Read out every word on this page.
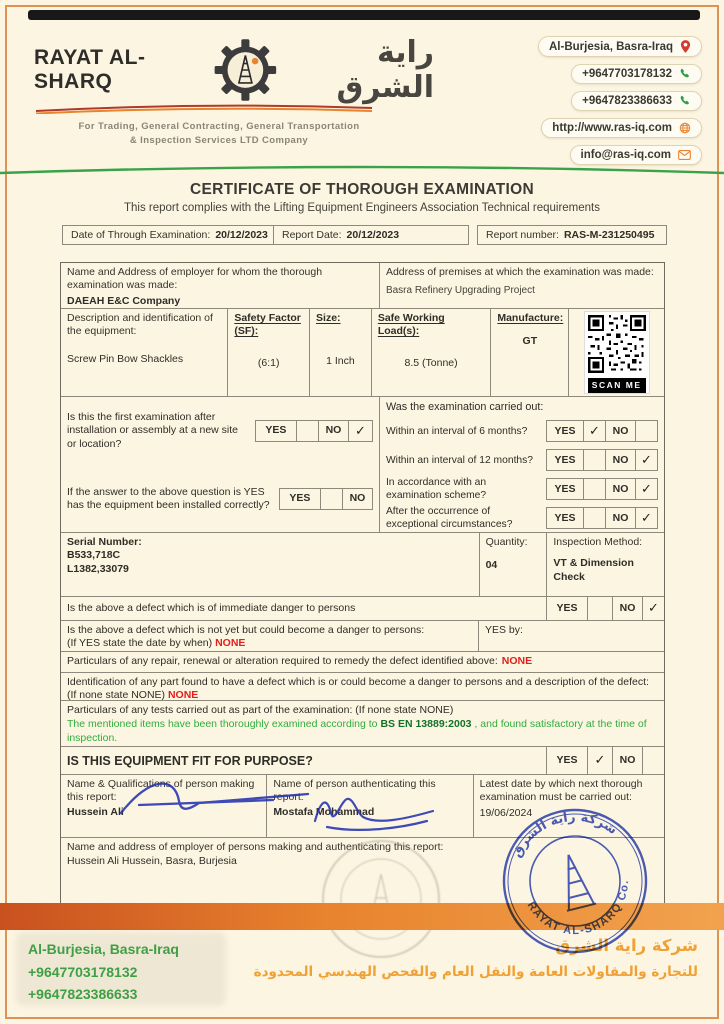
RAYAT AL-SHARQ
راية الشرق
For Trading, General Contracting, General Transportation
& Inspection Services LTD Company
Al-Burjesia, Basra-Iraq
+9647703178132
+9647823386633
http://www.ras-iq.com
info@ras-iq.com
CERTIFICATE OF THOROUGH EXAMINATION
This report complies with the Lifting Equipment Engineers Association Technical requirements
Date of Through Examination: 20/12/2023	Report Date: 20/12/2023	Report number: RAS-M-231250495
Name and Address of employer for whom the thorough examination was made:
DAEAH E&C Company
Address of premises at which the examination was made:
Basra Refinery Upgrading Project
Description and identification of the equipment:
Screw Pin Bow Shackles
Safety Factor (SF):
(6:1)
Size:
1 Inch
Safe Working Load(s):
8.5 (Tonne)
Manufacture:
GT
SCAN ME
Is this the first examination after installation or assembly at a new site or location?
YES	NO	✓
If the answer to the above question is YES has the equipment been installed correctly?
YES	NO
Was the examination carried out:
Within an interval of 6 months?	YES	✓	NO
Within an interval of 12 months?	YES	NO ✓
In accordance with an examination scheme?
YES	NO ✓
After the occurrence of exceptional circumstances?
YES	NO ✓
Serial Number:
B533,718C
L1382,33079
Quantity:
04
Inspection Method:
VT & Dimension Check
Is the above a defect which is of immediate danger to persons	YES	NO ✓
Is the above a defect which is not yet but could become a danger to persons:
(If YES state the date by when) NONE
YES by:
Particulars of any repair, renewal or alteration required to remedy the defect identified above: NONE
Identification of any part found to have a defect which is or could become a danger to persons and a description of the defect:
(If none state NONE) NONE
Particulars of any tests carried out as part of the examination: (If none state NONE)
The mentioned items have been thoroughly examined according to BS EN 13889:2003 , and found satisfactory at the time of inspection.
IS THIS EQUIPMENT FIT FOR PURPOSE?	YES	✓	NO
Name & Qualifications of person making this report:
Hussein Ali
Name of person authenticating this report:
Mostafa Mohammad
Latest date by which next thorough examination must be carried out:
19/06/2024
Name and address of employer of persons making and authenticating this report:
Hussein Ali Hussein, Basra, Burjesia
شركة راية الشرق
RAYAT AL-SHARQ Co.
Al-Burjesia, Basra-Iraq
+9647703178132
+9647823386633
شركة راية الشرق
للتجارة والمقاولات العامة والنقل العام والفحص الهندسي المحدودة
